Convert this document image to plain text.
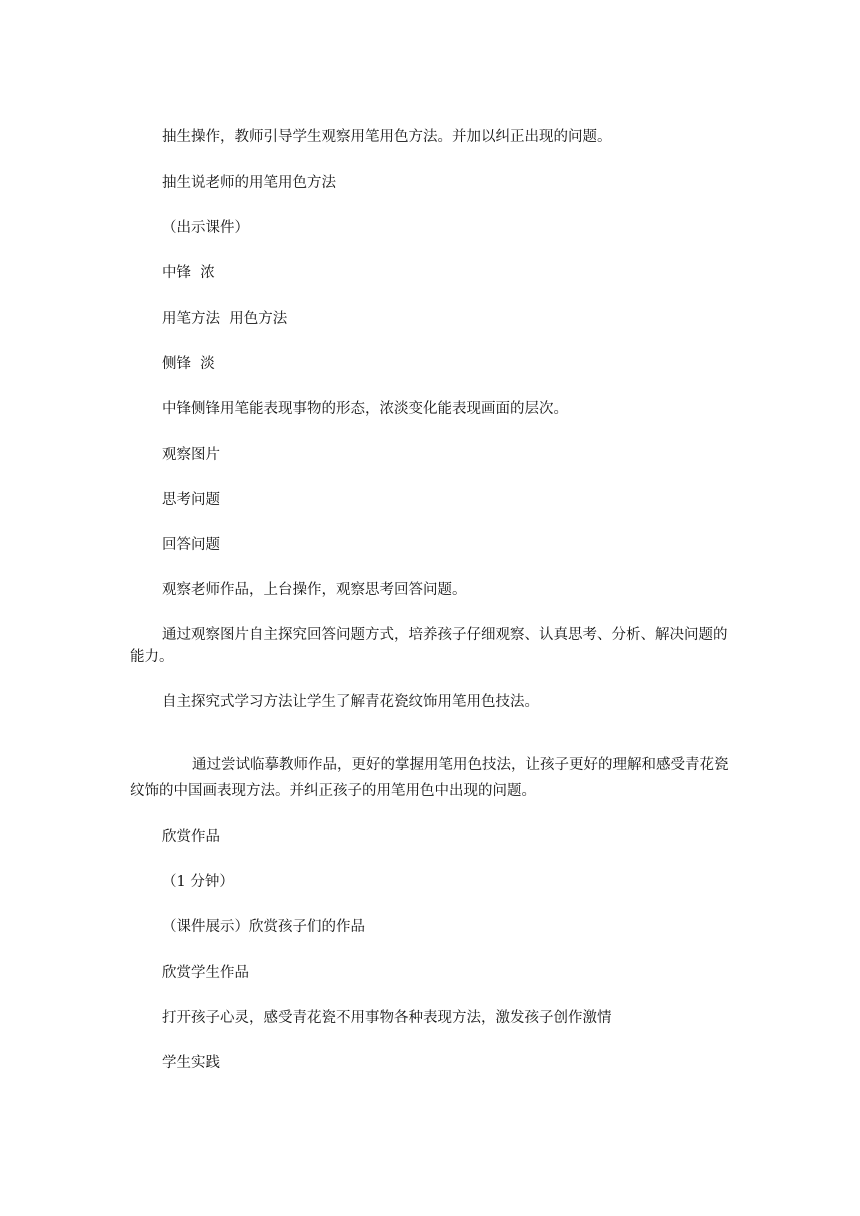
抽生操作，教师引导学生观察用笔用色方法。并加以纠正出现的问题。

抽生说老师的用笔用色方法

（出示课件）

中锋  浓

用笔方法  用色方法

侧锋  淡

中锋侧锋用笔能表现事物的形态，浓淡变化能表现画面的层次。

观察图片

思考问题

回答问题

观察老师作品，上台操作，观察思考回答问题。

通过观察图片自主探究回答问题方式，培养孩子仔细观察、认真思考、分析、解决问题的能力。

自主探究式学习方法让学生了解青花瓷纹饰用笔用色技法。

通过尝试临摹教师作品，更好的掌握用笔用色技法，让孩子更好的理解和感受青花瓷纹饰的中国画表现方法。并纠正孩子的用笔用色中出现的问题。

欣赏作品

（1 分钟）

（课件展示）欣赏孩子们的作品

欣赏学生作品

打开孩子心灵，感受青花瓷不用事物各种表现方法，激发孩子创作激情

学生实践
